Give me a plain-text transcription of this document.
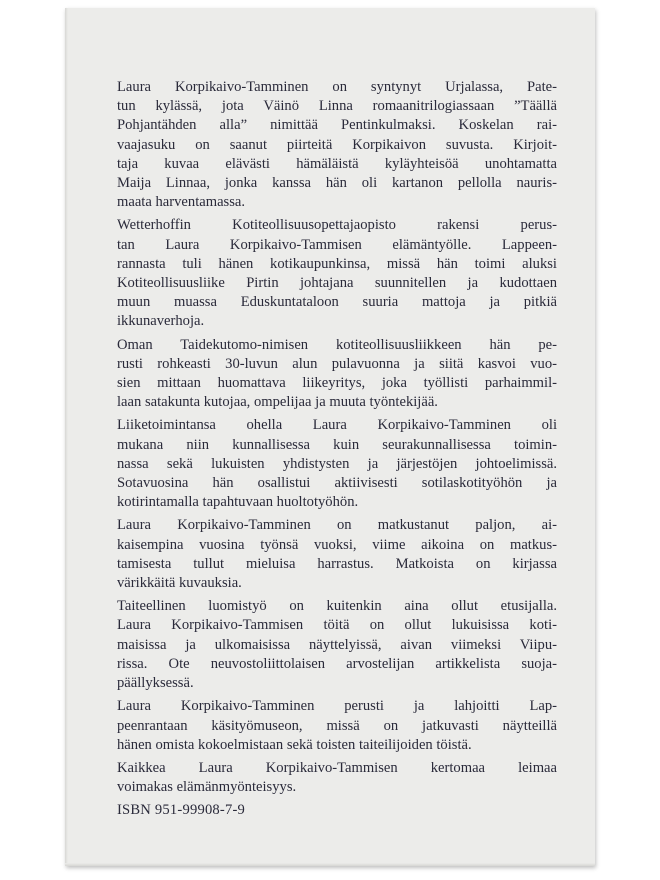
Laura Korpikaivo-Tamminen on syntynyt Urjalassa, Pate-
tun kylässä, jota Väinö Linna romaanitrilogiassaan ”Täällä
Pohjantähden alla” nimittää Pentinkulmaksi. Koskelan rai-
vaajasuku on saanut piirteitä Korpikaivon suvusta. Kirjoit-
taja kuvaa elävästi hämäläistä kyläyhteisöä unohtamatta
Maija Linnaa, jonka kanssa hän oli kartanon pellolla nauris-
maata harventamassa.
Wetterhoffin Kotiteollisuusopettajaopisto rakensi perus-
tan Laura Korpikaivo-Tammisen elämäntyölle. Lappeen-
rannasta tuli hänen kotikaupunkinsa, missä hän toimi aluksi
Kotiteollisuusliike Pirtin johtajana suunnitellen ja kudottaen
muun muassa Eduskuntataloon suuria mattoja ja pitkiä
ikkunaverhoja.
Oman Taidekutomo-nimisen kotiteollisuusliikkeen hän pe-
rusti rohkeasti 30-luvun alun pulavuonna ja siitä kasvoi vuo-
sien mittaan huomattava liikeyritys, joka työllisti parhaimmil-
laan satakunta kutojaa, ompelijaa ja muuta työntekijää.
Liiketoimintansa ohella Laura Korpikaivo-Tamminen oli
mukana niin kunnallisessa kuin seurakunnallisessa toimin-
nassa sekä lukuisten yhdistysten ja järjestöjen johtoelimissä.
Sotavuosina hän osallistui aktiivisesti sotilaskotityöhön ja
kotirintamalla tapahtuvaan huoltotyöhön.
Laura Korpikaivo-Tamminen on matkustanut paljon, ai-
kaisempina vuosina työnsä vuoksi, viime aikoina on matkus-
tamisesta tullut mieluisa harrastus. Matkoista on kirjassa
värikkäitä kuvauksia.
Taiteellinen luomistyö on kuitenkin aina ollut etusijalla.
Laura Korpikaivo-Tammisen töitä on ollut lukuisissa koti-
maisissa ja ulkomaisissa näyttelyissä, aivan viimeksi Viipu-
rissa. Ote neuvostoliittolaisen arvostelijan artikkelista suoja-
päällyksessä.
Laura Korpikaivo-Tamminen perusti ja lahjoitti Lap-
peenrantaan käsityömuseon, missä on jatkuvasti näytteillä
hänen omista kokoelmistaan sekä toisten taiteilijoiden töistä.
Kaikkea Laura Korpikaivo-Tammisen kertomaa leimaa
voimakas elämänmyönteisyys.
ISBN 951-99908-7-9
